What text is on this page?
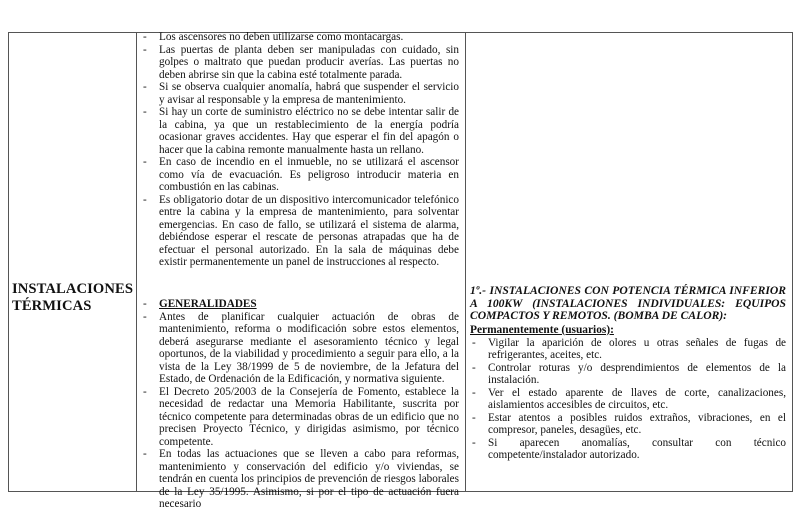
INSTALACIONES TÉRMICAS
- Los ascensores no deben utilizarse como montacargas.
- Las puertas de planta deben ser manipuladas con cuidado, sin golpes o maltrato que puedan producir averías. Las puertas no deben abrirse sin que la cabina esté totalmente parada.
- Si se observa cualquier anomalía, habrá que suspender el servicio y avisar al responsable y la empresa de mantenimiento.
- Si hay un corte de suministro eléctrico no se debe intentar salir de la cabina, ya que un restablecimiento de la energía podría ocasionar graves accidentes. Hay que esperar el fin del apagón o hacer que la cabina remonte manualmente hasta un rellano.
- En caso de incendio en el inmueble, no se utilizará el ascensor como vía de evacuación. Es peligroso introducir materia en combustión en las cabinas.
- Es obligatorio dotar de un dispositivo intercomunicador telefónico entre la cabina y la empresa de mantenimiento, para solventar emergencias. En caso de fallo, se utilizará el sistema de alarma, debiéndose esperar el rescate de personas atrapadas que ha de efectuar el personal autorizado. En la sala de máquinas debe existir permanentemente un panel de instrucciones al respecto.
- GENERALIDADES
- Antes de planificar cualquier actuación de obras de mantenimiento, reforma o modificación sobre estos elementos, deberá asegurarse mediante el asesoramiento técnico y legal oportunos, de la viabilidad y procedimiento a seguir para ello, a la vista de la Ley 38/1999 de 5 de noviembre, de la Jefatura del Estado, de Ordenación de la Edificación, y normativa siguiente.
- El Decreto 205/2003 de la Consejería de Fomento, establece la necesidad de redactar una Memoria Habilitante, suscrita por técnico competente para determinadas obras de un edificio que no precisen Proyecto Técnico, y dirigidas asimismo, por técnico competente.
- En todas las actuaciones que se lleven a cabo para reformas, mantenimiento y conservación del edificio y/o viviendas, se tendrán en cuenta los principios de prevención de riesgos laborales de la Ley 35/1995. Asimismo, si por el tipo de actuación fuera necesario
1º.- INSTALACIONES CON POTENCIA TÉRMICA INFERIOR A 100KW (INSTALACIONES INDIVIDUALES: EQUIPOS COMPACTOS Y REMOTOS. (BOMBA DE CALOR):
Permanentemente (usuarios):
- Vigilar la aparición de olores u otras señales de fugas de refrigerantes, aceites, etc.
- Controlar roturas y/o desprendimientos de elementos de la instalación.
- Ver el estado aparente de llaves de corte, canalizaciones, aislamientos accesibles de circuitos, etc.
- Estar atentos a posibles ruidos extraños, vibraciones, en el compresor, paneles, desagües, etc.
- Si aparecen anomalías, consultar con técnico competente/instalador autorizado.
